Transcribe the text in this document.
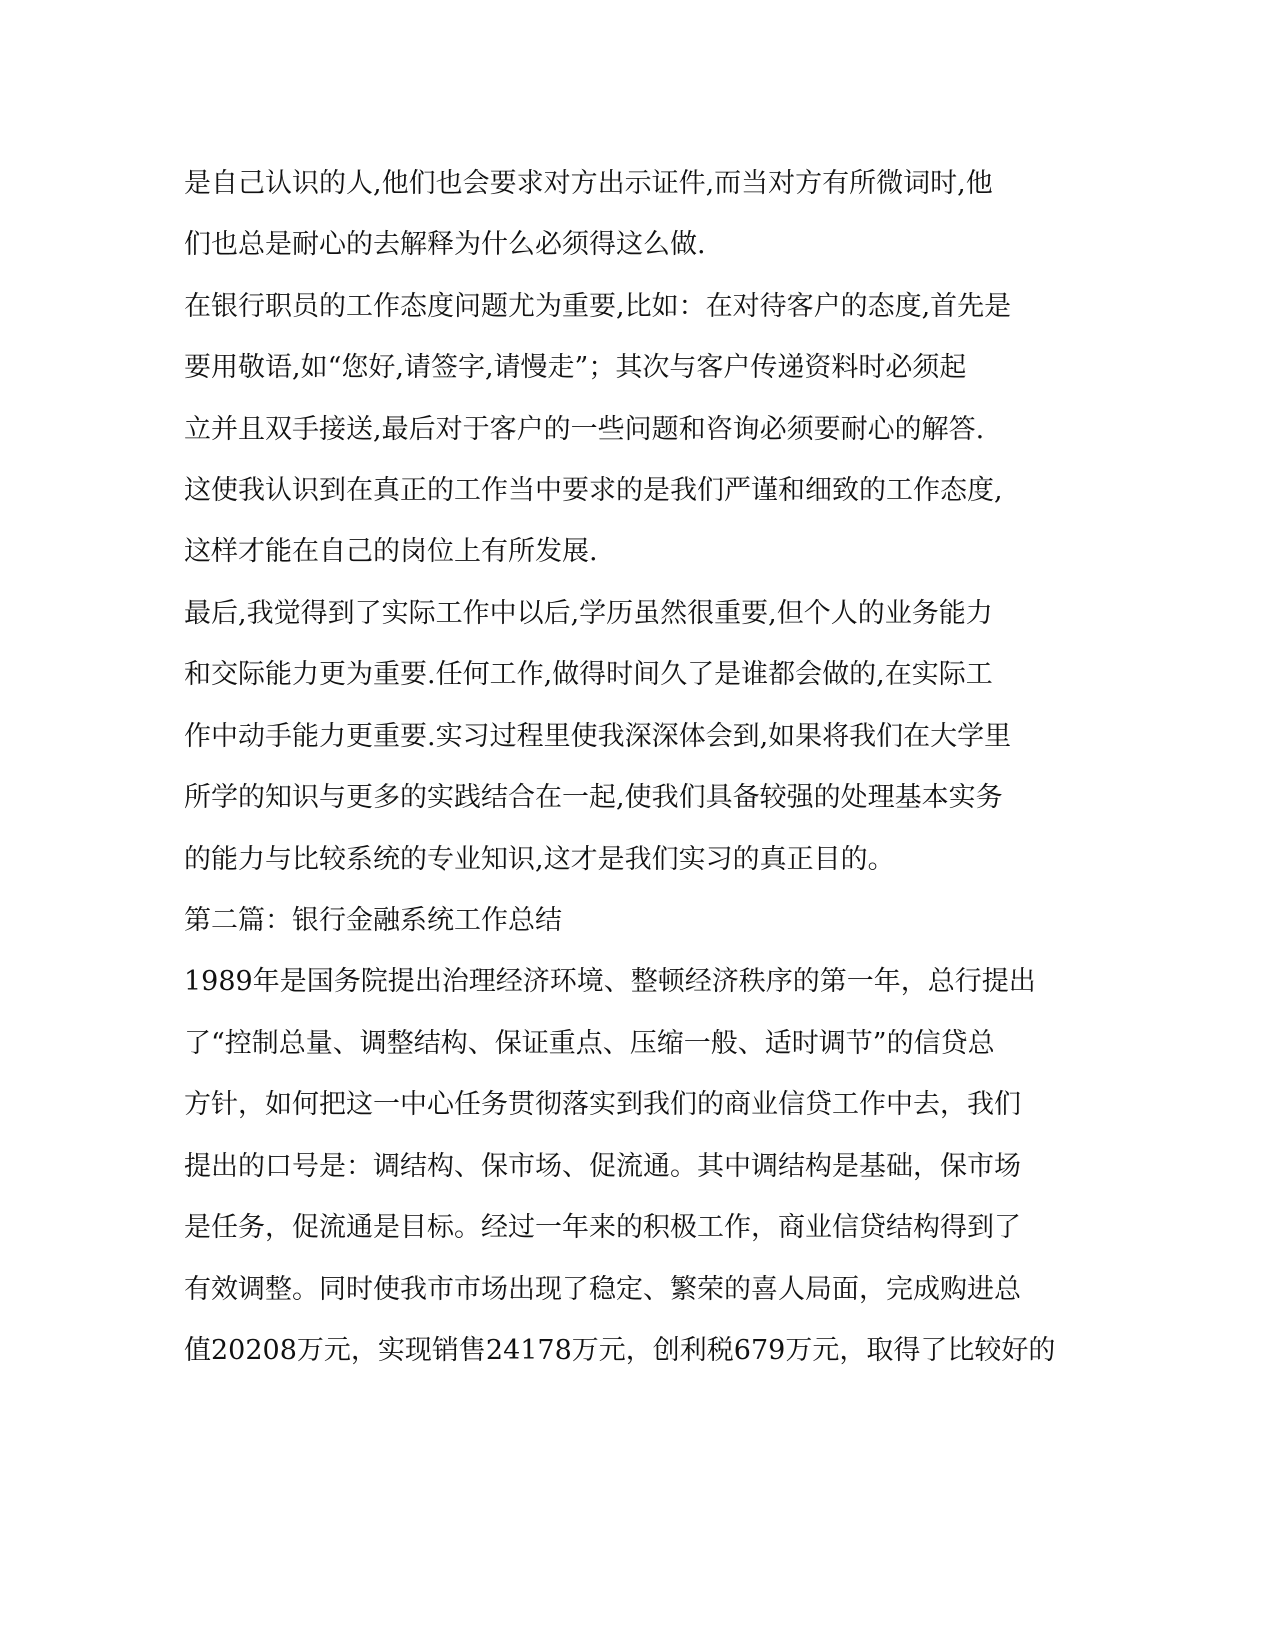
是自己认识的人,他们也会要求对方出示证件,而当对方有所微词时,他
们也总是耐心的去解释为什么必须得这么做.
在银行职员的工作态度问题尤为重要,比如：在对待客户的态度,首先是
要用敬语,如“您好,请签字,请慢走”；其次与客户传递资料时必须起
立并且双手接送,最后对于客户的一些问题和咨询必须要耐心的解答.
这使我认识到在真正的工作当中要求的是我们严谨和细致的工作态度,
这样才能在自己的岗位上有所发展.
最后,我觉得到了实际工作中以后,学历虽然很重要,但个人的业务能力
和交际能力更为重要.任何工作,做得时间久了是谁都会做的,在实际工
作中动手能力更重要.实习过程里使我深深体会到,如果将我们在大学里
所学的知识与更多的实践结合在一起,使我们具备较强的处理基本实务
的能力与比较系统的专业知识,这才是我们实习的真正目的。
第二篇：银行金融系统工作总结
1989年是国务院提出治理经济环境、整顿经济秩序的第一年，总行提出
了“控制总量、调整结构、保证重点、压缩一般、适时调节”的信贷总
方针，如何把这一中心任务贯彻落实到我们的商业信贷工作中去，我们
提出的口号是：调结构、保市场、促流通。其中调结构是基础，保市场
是任务，促流通是目标。经过一年来的积极工作，商业信贷结构得到了
有效调整。同时使我市市场出现了稳定、繁荣的喜人局面，完成购进总
值20208万元，实现销售24178万元，创利税679万元，取得了比较好的
